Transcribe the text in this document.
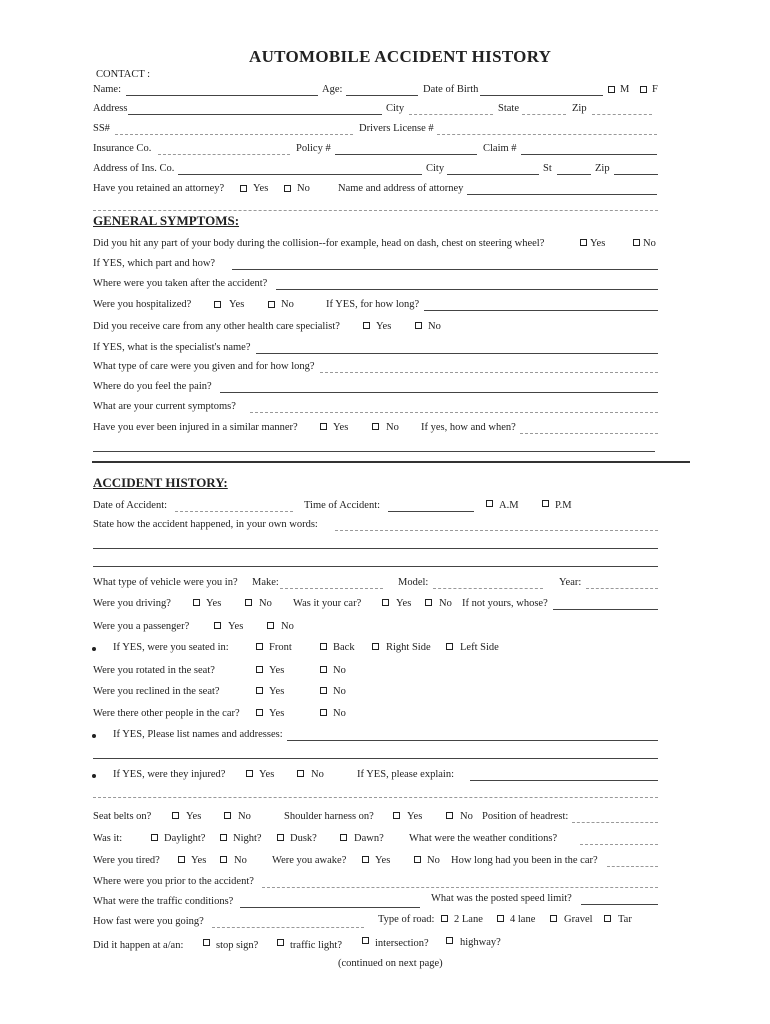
AUTOMOBILE ACCIDENT HISTORY
CONTACT :
Name:	Age:	Date of Birth	M F
Address	City	State	Zip
SS#	Drivers License #
Insurance Co.	Policy #	Claim #
Address of Ins. Co.	City	St	Zip
Have you retained an attorney?	Yes	No	Name and address of attorney
GENERAL SYMPTOMS:
Did you hit any part of your body during the collision--for example, head on dash, chest on steering wheel?	Yes	No
If YES, which part and how?
Where were you taken after the accident?
Were you hospitalized?	Yes	No	If YES, for how long?
Did you receive care from any other health care specialist?	Yes	No
If YES, what is the specialist's name?
What type of care were you given and for how long?
Where do you feel the pain?
What are your current symptoms?
Have you ever been injured in a similar manner?	Yes	No If yes, how and when?
ACCIDENT HISTORY:
Date of Accident:	Time of Accident:	A.M	P.M
State how the accident happened, in your own words:
What type of vehicle were you in? Make:	Model:	Year:
Were you driving?	Yes	No Was it your car?	Yes	No If not yours, whose?
Were you a passenger?	Yes	No
If YES, were you seated in:	Front	Back	Right Side	Left Side
Were you rotated in the seat?	Yes	No
Were you reclined in the seat?	Yes	No
Were there other people in the car?	Yes	No
If YES, Please list names and addresses:
If YES, were they injured?	Yes	No	If YES, please explain:
Seat belts on?	Yes	No	Shoulder harness on?	Yes	No Position of headrest:
Was it:	Daylight?	Night?	Dusk?	Dawn? What were the weather conditions?
Were you tired?	Yes	No Were you awake?	Yes	No How long had you been in the car?
Where were you prior to the accident?
What were the traffic conditions?	What was the posted speed limit?
How fast were you going?	Type of road: 2 Lane	4 lane	Gravel Tar
Did it happen at a/an:	stop sign?	traffic light?	intersection?	highway?
(continued on next page)
